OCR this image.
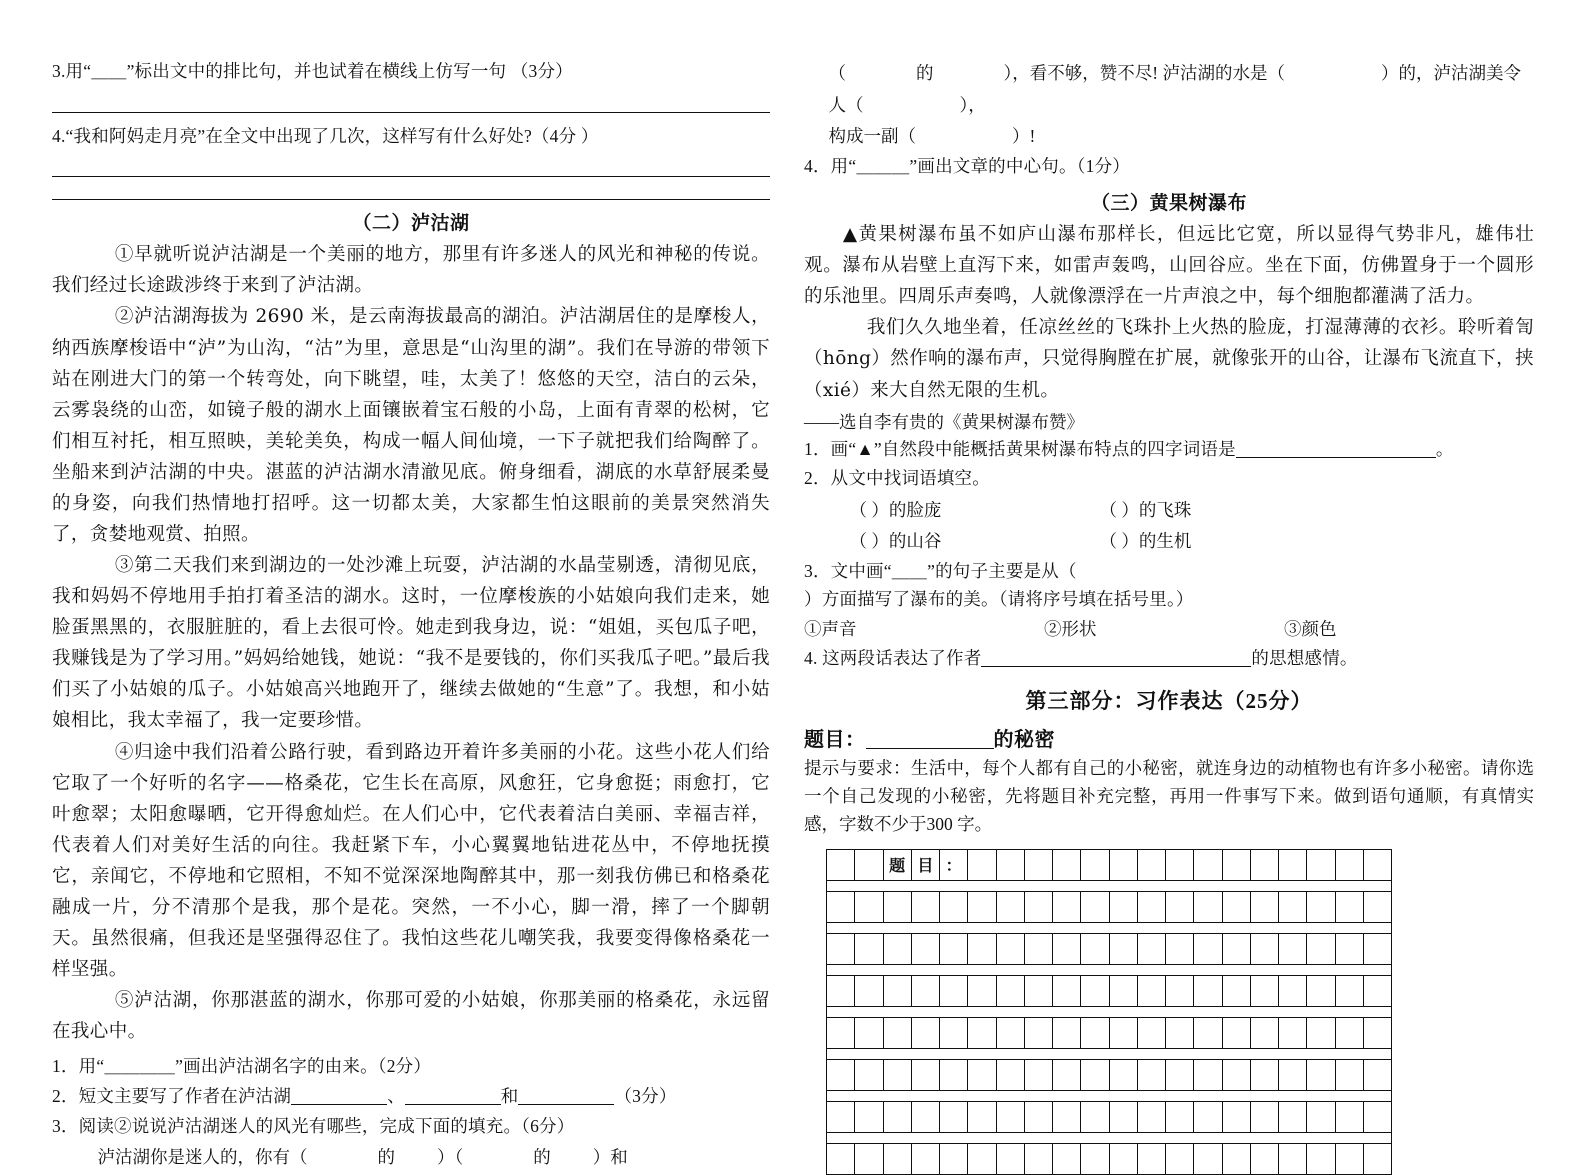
3.用“＿＿”标出文中的排比句，并也试着在横线上仿写一句 （3分）

4.“我和阿妈走月亮”在全文中出现了几次，这样写有什么好处?（4分 ）

（二）泸沽湖

①早就听说泸沽湖是一个美丽的地方，那里有许多迷人的风光和神秘的传说。我们经过长途跋涉终于来到了泸沽湖。

②泸沽湖海拔为 2690 米，是云南海拔最高的湖泊。泸沽湖居住的是摩梭人，纳西族摩梭语中“泸”为山沟，“沽”为里，意思是“山沟里的湖”。我们在导游的带领下站在刚进大门的第一个转弯处，向下眺望，哇，太美了！悠悠的天空，洁白的云朵，云雾袅绕的山峦，如镜子般的湖水上面镶嵌着宝石般的小岛，上面有青翠的松树，它们相互衬托，相互照映，美轮美奂，构成一幅人间仙境，一下子就把我们给陶醉了。坐船来到泸沽湖的中央。湛蓝的泸沽湖水清澈见底。俯身细看，湖底的水草舒展柔曼的身姿，向我们热情地打招呼。这一切都太美，大家都生怕这眼前的美景突然消失了，贪婪地观赏、拍照。

③第二天我们来到湖边的一处沙滩上玩耍，泸沽湖的水晶莹剔透，清彻见底，我和妈妈不停地用手拍打着圣洁的湖水。这时，一位摩梭族的小姑娘向我们走来，她脸蛋黑黑的，衣服脏脏的，看上去很可怜。她走到我身边，说：“姐姐，买包瓜子吧，我赚钱是为了学习用。”妈妈给她钱，她说：“我不是要钱的，你们买我瓜子吧。”最后我们买了小姑娘的瓜子。小姑娘高兴地跑开了，继续去做她的“生意”了。我想，和小姑娘相比，我太幸福了，我一定要珍惜。

④归途中我们沿着公路行驶，看到路边开着许多美丽的小花。这些小花人们给它取了一个好听的名字——格桑花，它生长在高原，风愈狂，它身愈挺；雨愈打，它叶愈翠；太阳愈曝晒，它开得愈灿烂。在人们心中，它代表着洁白美丽、幸福吉祥，代表着人们对美好生活的向往。我赶紧下车，小心翼翼地钻进花丛中，不停地抚摸它，亲闻它，不停地和它照相，不知不觉深深地陶醉其中，那一刻我仿佛已和格桑花融成一片，分不清那个是我，那个是花。突然，一不小心，脚一滑，摔了一个脚朝天。虽然很痛，但我还是坚强得忍住了。我怕这些花儿嘲笑我，我要变得像格桑花一样坚强。

⑤泸沽湖，你那湛蓝的湖水，你那可爱的小姑娘，你那美丽的格桑花，永远留在我心中。

1．用“＿＿＿＿”画出泸沽湖名字的由来。（2分）

2．短文主要写了作者在泸沽湖	、	和	（3分）

3．阅读②说说泸沽湖迷人的风光有哪些，完成下面的填充。（6分）

泸沽湖你是迷人的，你有（	的 ）（	的 ）和

（	的	），看不够，赞不尽! 泸沽湖的水是（	）的，泸沽湖美令人（	），

构成一副（	）!

4．用“＿＿＿”画出文章的中心句。（1分）

（三）黄果树瀑布

▲黄果树瀑布虽不如庐山瀑布那样长，但远比它宽，所以显得气势非凡，雄伟壮观。瀑布从岩壁上直泻下来，如雷声轰鸣，山回谷应。坐在下面，仿佛置身于一个圆形的乐池里。四周乐声奏鸣，人就像漂浮在一片声浪之中，每个细胞都灌满了活力。

我们久久地坐着，任凉丝丝的飞珠扑上火热的脸庞，打湿薄薄的衣衫。聆听着訇（hōng）然作响的瀑布声，只觉得胸膛在扩展，就像张开的山谷，让瀑布飞流直下，挟（xié）来大自然无限的生机。

——选自李有贵的《黄果树瀑布赞》

1．画“▲”自然段中能概括黄果树瀑布特点的四字词语是	。

2．从文中找词语填空。

（ ）的脸庞	（ ）的飞珠

（ ）的山谷	（ ）的生机

3．文中画“＿＿”的句子主要是从（）方面描写了瀑布的美。（请将序号填在括号里。）

①声音	②形状	③颜色

4. 这两段话表达了作者	的思想感情。

第三部分：习作表达（25分）

题目：	的秘密

提示与要求：生活中，每个人都有自己的小秘密，就连身边的动植物也有许多小秘密。请你选一个自己发现的小秘密，先将题目补充完整，再用一件事写下来。做到语句通顺，有真情实感，字数不少于300 字。

题 目 ：
